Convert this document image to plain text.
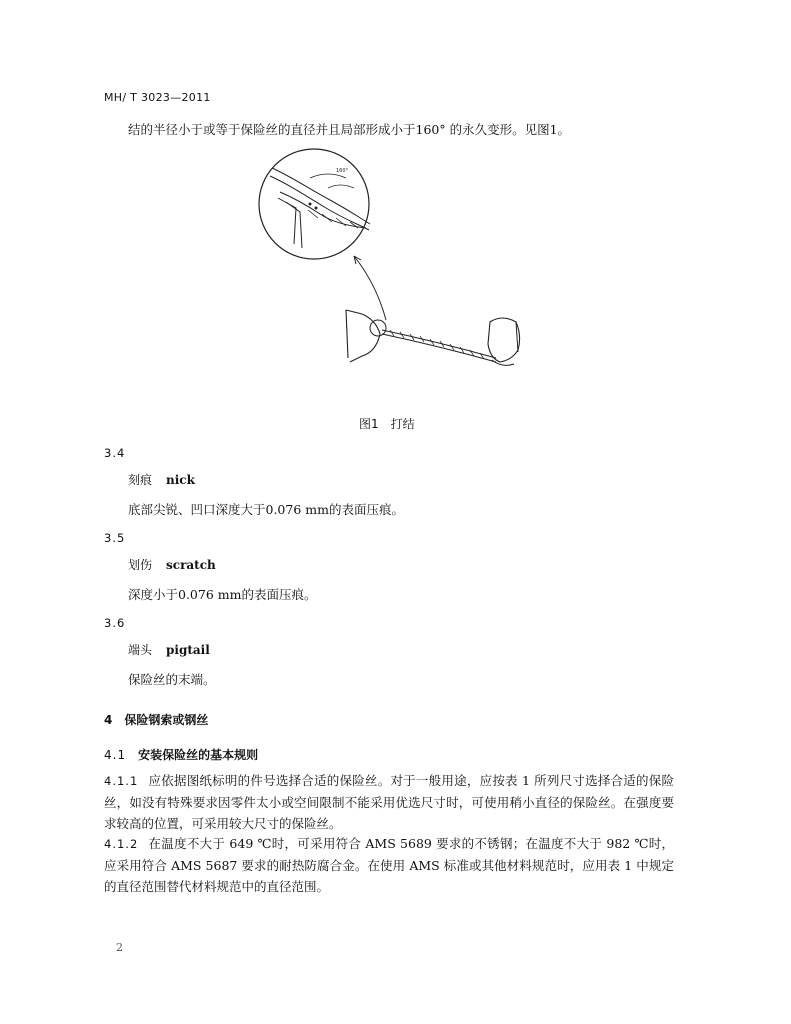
MH/ T 3023—2011
结的半径小于或等于保险丝的直径并且局部形成小于160° 的永久变形。见图1。
160°
图1 打结
3.4
刻痕 nick
底部尖锐、凹口深度大于0.076 mm的表面压痕。
3.5
划伤 scratch
深度小于0.076 mm的表面压痕。
3.6
端头 pigtail
保险丝的末端。
4 保险钢索或钢丝
4.1 安装保险丝的基本规则
4.1.1 应依据图纸标明的件号选择合适的保险丝。对于一般用途，应按表 1 所列尺寸选择合适的保险丝，如没有特殊要求因零件太小或空间限制不能采用优选尺寸时，可使用稍小直径的保险丝。在强度要求较高的位置，可采用较大尺寸的保险丝。
4.1.2 在温度不大于 649 ℃时，可采用符合 AMS 5689 要求的不锈钢；在温度不大于 982 ℃时，应采用符合 AMS 5687 要求的耐热防腐合金。在使用 AMS 标准或其他材料规范时，应用表 1 中规定的直径范围替代材料规范中的直径范围。
2
